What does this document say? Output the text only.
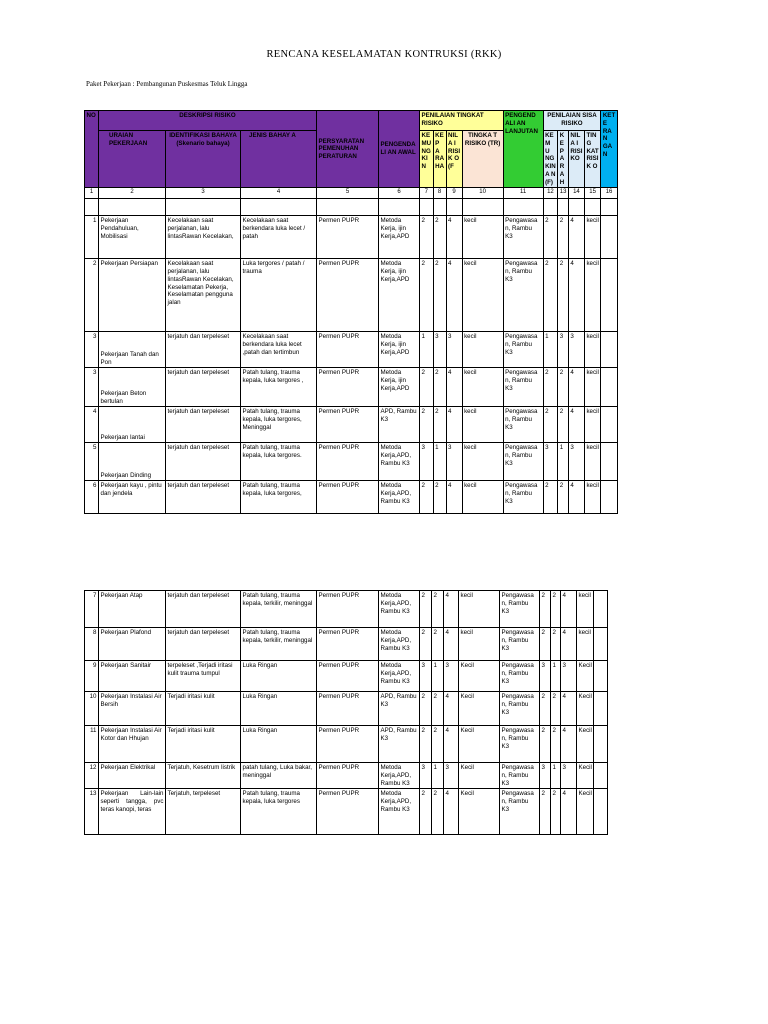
RENCANA KESELAMATAN KONTRUKSI (RKK)
Paket Pekerjaan : Pembangunan Puskesmas Teluk Lingga
NO	DESKRIPSI RISIKO			PERSYARATAN PEMENUHAN PERATURAN	PENGENDA LI AN AWAL	PENILAIAN TINGKAT RISIKO				PENGEND ALI AN LANJUTAN	PENILAIAN SISA RISIKO				KET E RA N GA N
	URAIAN PEKERJAAN	IDENTIFIKASI BAHAYA (Skenario bahaya)	JENIS BAHAY A			KE MU NG KI N	KE P A RA HA	NIL A I RISI K O (F	TINGKA T RISIKO (TR)		KE M U NG KIN A N (F)	K E P A R A H	NIL A I RISI KO	TIN G KAT RISI K O	

1	2	3	4	5	6	7	8	9	10	11	12	13	14	15	16

1	Pekerjaan Pendahuluan, Mobilisasi	Kecelakaan saat perjalanan, lalu lintasRawan Kecelakan,	Kecelakaan saat berkendara luka lecet / patah	Permen PUPR	Metoda Kerja, ijin Kerja,APD	2	2	4	kecil	Pengawasa n, Rambu K3	2	2	4	kecil	
2	Pekerjaan Persiapan	Kecelakaan saat perjalanan, lalu lintasRawan Kecelakan, Keselamatan Pekerja, Keselamatan pengguna jalan	Luka tergores / patah / trauma	Permen PUPR	Metoda Kerja, ijin Kerja,APD	2	2	4	kecil	Pengawasa n, Rambu K3	2	2	4	kecil	
3	Pekerjaan Tanah dan Pon	terjatuh dan terpeleset	Kecelakaan saat berkendara luka lecet ,patah dan tertimbun	Permen PUPR	Metoda Kerja, ijin Kerja,APD	1	3	3	kecil	Pengawasa n, Rambu K3	1	3	3	kecil	
3	Pekerjaan Beton bertulan	terjatuh dan terpeleset	Patah tulang, trauma kepala, luka tergores ,	Permen PUPR	Metoda Kerja, ijin Kerja,APD	2	2	4	kecil	Pengawasa n, Rambu K3	2	2	4	kecil	
4	Pekerjaan lantai	terjatuh dan terpeleset	Patah tulang, trauma kepala, luka tergores, Meninggal	Permen PUPR	APD, Rambu K3	2	2	4	kecil	Pengawasa n, Rambu K3	2	2	4	kecil	
5	Pekerjaan Dinding	terjatuh dan terpeleset	Patah tulang, trauma kepala, luka tergores.	Permen PUPR	Metoda Kerja,APD, Rambu K3	3	1	3	kecil	Pengawasa n, Rambu K3	3	1	3	kecil	
6	Pekerjaan kayu , pintu dan jendela	terjatuh dan terpeleset	Patah tulang, trauma kepala, luka tergores,	Permen PUPR	Metoda Kerja,APD, Rambu K3	2	2	4	kecil	Pengawasa n, Rambu K3	2	2	4	kecil	
7	Pekerjaan Atap	terjatuh dan terpeleset	Patah tulang, trauma kepala, terkilir, meninggal	Permen PUPR	Metoda Kerja,APD, Rambu K3	2	2	4	kecil	Pengawasa n, Rambu K3	2	2	4	kecil	
8	Pekerjaan Plafond	terjatuh dan terpeleset	Patah tulang, trauma kepala, terkilir, meninggal	Permen PUPR	Metoda Kerja,APD, Rambu K3	2	2	4	kecil	Pengawasa n, Rambu K3	2	2	4	kecil	
9	Pekerjaan Sanitair	terpeleset ,Terjadi iritasi kulit trauma tumpul	Luka Ringan	Permen PUPR	Metoda Kerja,APD, Rambu K3	3	1	3	Kecil	Pengawasa n, Rambu K3	3	1	3	Kecil	
10	Pekerjaan Instalasi Air Bersih	Terjadi iritasi kulit	Luka Ringan	Permen PUPR	APD, Rambu K3	2	2	4	Kecil	Pengawasa n, Rambu K3	2	2	4	Kecil	
11	Pekerjaan Instalasi Air Kotor dan Hhujan	Terjadi iritasi kulit	Luka Ringan	Permen PUPR	APD, Rambu K3	2	2	4	Kecil	Pengawasa n, Rambu K3	2	2	4	Kecil	
12	Pekerjaan Elektrikal	Terjatuh, Kesetrum listrik	patah tulang, Luka bakar, meninggal	Permen PUPR	Metoda Kerja,APD, Rambu K3	3	1	3	Kecil	Pengawasa n, Rambu K3	3	1	3	Kecil	
13	Pekerjaan Lain-lain seperti tangga, pvc teras kanopi, teras	Terjatuh, terpeleset	Patah tulang, trauma kepala, luka tergores	Permen PUPR	Metoda Kerja,APD, Rambu K3	2	2	4	Kecil	Pengawasa n, Rambu K3	2	2	4	Kecil	
